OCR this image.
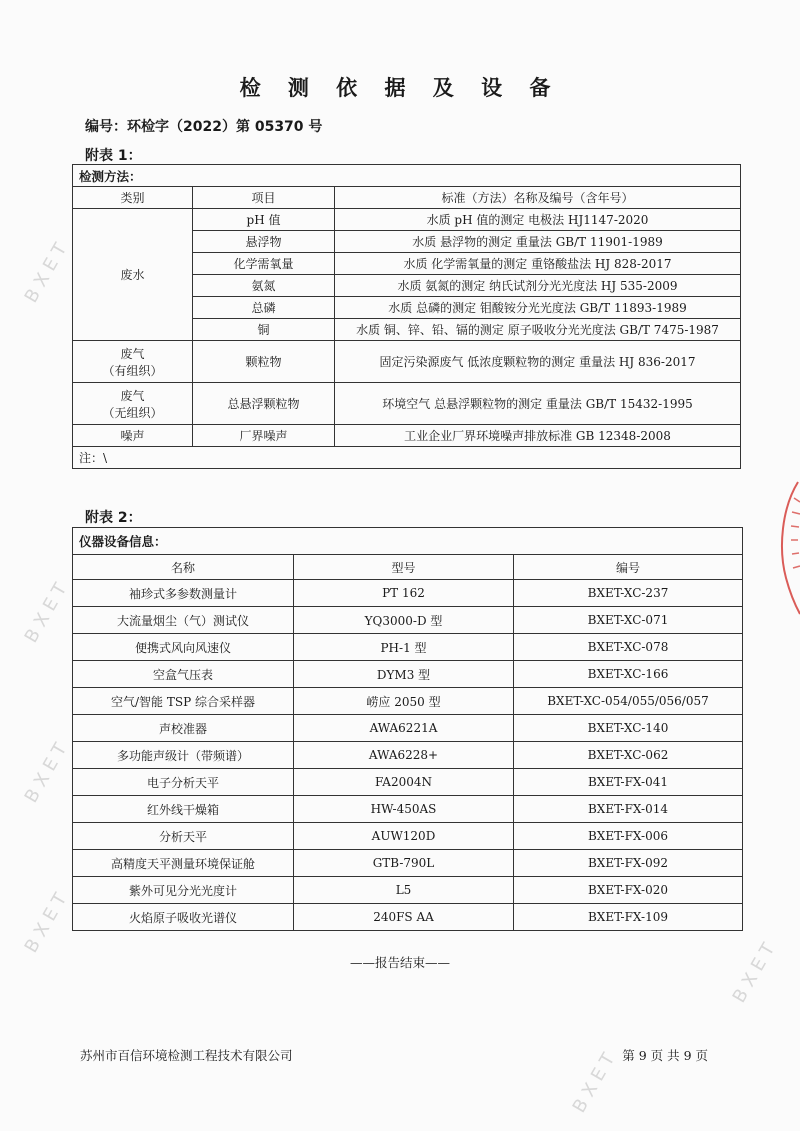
BXET
BXET
BXET
BXET
BXET
BXET
检 测 依 据 及 设 备
编号：环检字（2022）第 05370 号
附表 1：
检测方法：		
类别	项目	标准（方法）名称及编号（含年号）
废水	pH 值	水质 pH 值的测定 电极法 HJ1147-2020
	悬浮物	水质 悬浮物的测定 重量法 GB/T 11901-1989
	化学需氧量	水质 化学需氧量的测定 重铬酸盐法 HJ 828-2017
	氨氮	水质 氨氮的测定 纳氏试剂分光光度法 HJ 535-2009
	总磷	水质 总磷的测定 钼酸铵分光光度法 GB/T 11893-1989
	铜	水质 铜、锌、铅、镉的测定 原子吸收分光光度法 GB/T 7475-1987

废气
（有组织）	颗粒物	固定污染源废气 低浓度颗粒物的测定 重量法 HJ 836-2017

废气
（无组织）	总悬浮颗粒物	环境空气 总悬浮颗粒物的测定 重量法 GB/T 15432-1995
噪声	厂界噪声	工业企业厂界环境噪声排放标准 GB 12348-2008
注：\		
附表 2：
仪器设备信息：		
名称	型号	编号
袖珍式多参数测量计	PT 162	BXET-XC-237
大流量烟尘（气）测试仪	YQ3000-D 型	BXET-XC-071
便携式风向风速仪	PH-1 型	BXET-XC-078
空盒气压表	DYM3 型	BXET-XC-166
空气/智能 TSP 综合采样器	崂应 2050 型	BXET-XC-054/055/056/057
声校准器	AWA6221A	BXET-XC-140
多功能声级计（带频谱）	AWA6228+	BXET-XC-062
电子分析天平	FA2004N	BXET-FX-041
红外线干燥箱	HW-450AS	BXET-FX-014
分析天平	AUW120D	BXET-FX-006
高精度天平测量环境保证舱	GTB-790L	BXET-FX-092
紫外可见分光光度计	L5	BXET-FX-020
火焰原子吸收光谱仪	240FS AA	BXET-FX-109
——报告结束——
苏州市百信环境检测工程技术有限公司	第 9 页 共 9 页
